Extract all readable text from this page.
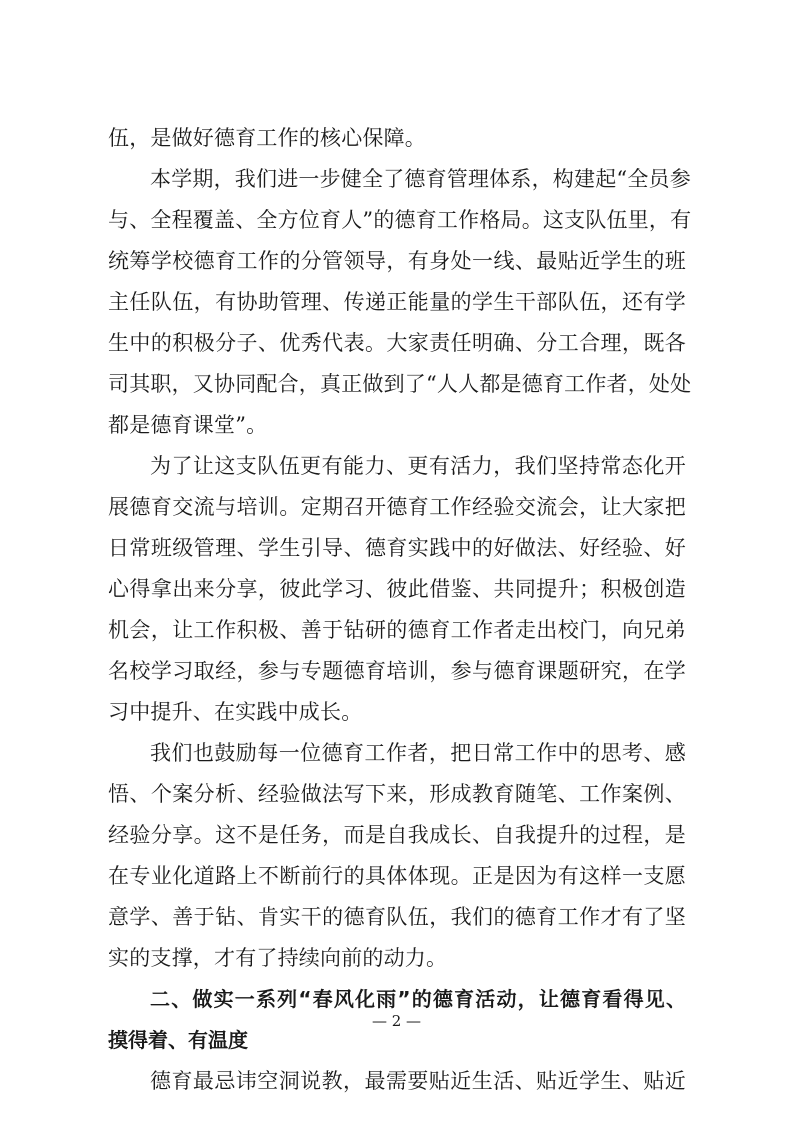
伍，是做好德育工作的核心保障。
本学期，我们进一步健全了德育管理体系，构建起“全员参
与、全程覆盖、全方位育人”的德育工作格局。这支队伍里，有
统筹学校德育工作的分管领导，有身处一线、最贴近学生的班
主任队伍，有协助管理、传递正能量的学生干部队伍，还有学
生中的积极分子、优秀代表。大家责任明确、分工合理，既各
司其职，又协同配合，真正做到了“人人都是德育工作者，处处
都是德育课堂”。
为了让这支队伍更有能力、更有活力，我们坚持常态化开
展德育交流与培训。定期召开德育工作经验交流会，让大家把
日常班级管理、学生引导、德育实践中的好做法、好经验、好
心得拿出来分享，彼此学习、彼此借鉴、共同提升；积极创造
机会，让工作积极、善于钻研的德育工作者走出校门，向兄弟
名校学习取经，参与专题德育培训，参与德育课题研究，在学
习中提升、在实践中成长。
我们也鼓励每一位德育工作者，把日常工作中的思考、感
悟、个案分析、经验做法写下来，形成教育随笔、工作案例、
经验分享。这不是任务，而是自我成长、自我提升的过程，是
在专业化道路上不断前行的具体体现。正是因为有这样一支愿
意学、善于钻、肯实干的德育队伍，我们的德育工作才有了坚
实的支撑，才有了持续向前的动力。
二、做实一系列“春风化雨”的德育活动，让德育看得见、
摸得着、有温度
德育最忌讳空洞说教，最需要贴近生活、贴近学生、贴近
— 2 —
